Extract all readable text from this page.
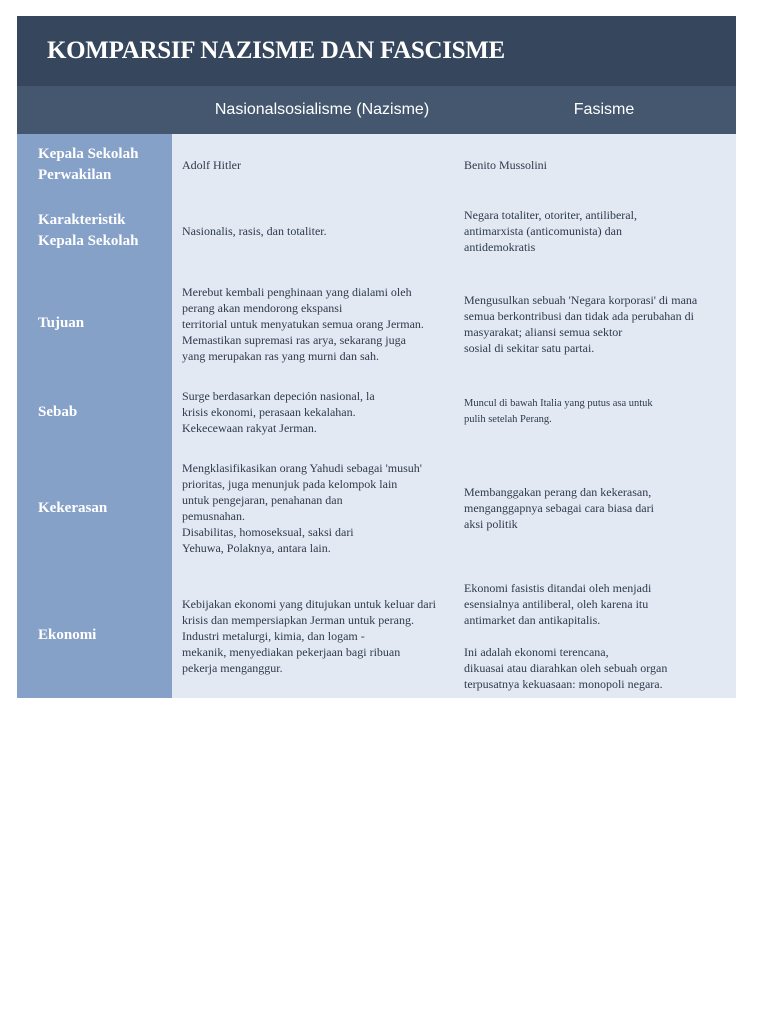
KOMPARSIF NAZISME DAN FASCISME
Nasionalsosialisme (Nazisme)	Fasisme
Kepala Sekolah Perwakilan
Adolf Hitler	Benito Mussolini
Karakteristik Kepala Sekolah
Nasionalis, rasis, dan totaliter.
Negara totaliter, otoriter, antiliberal,
antimarxista (anticomunista) dan
antidemokratis
Tujuan
Merebut kembali penghinaan yang dialami oleh
perang akan mendorong ekspansi
territorial untuk menyatukan semua orang Jerman.
Memastikan supremasi ras arya, sekarang juga
yang merupakan ras yang murni dan sah.
Mengusulkan sebuah 'Negara korporasi' di mana
semua berkontribusi dan tidak ada perubahan di
masyarakat; aliansi semua sektor
sosial di sekitar satu partai.
Sebab
Surge berdasarkan depeción nasional, la
krisis ekonomi, perasaan kekalahan.
Kekecewaan rakyat Jerman.
Muncul di bawah Italia yang putus asa untuk
pulih setelah Perang.
Kekerasan
Mengklasifikasikan orang Yahudi sebagai 'musuh'
prioritas, juga menunjuk pada kelompok lain
untuk pengejaran, penahanan dan
pemusnahan.
Disabilitas, homoseksual, saksi dari
Yehuwa, Polaknya, antara lain.
Membanggakan perang dan kekerasan,
menganggapnya sebagai cara biasa dari
aksi politik
Ekonomi
Kebijakan ekonomi yang ditujukan untuk keluar dari
krisis dan mempersiapkan Jerman untuk perang.
Industri metalurgi, kimia, dan logam -
mekanik, menyediakan pekerjaan bagi ribuan
pekerja menganggur.
Ekonomi fasistis ditandai oleh menjadi
esensialnya antiliberal, oleh karena itu
antimarket dan antikapitalis.

Ini adalah ekonomi terencana,
dikuasai atau diarahkan oleh sebuah organ
terpusatnya kekuasaan: monopoli negara.
